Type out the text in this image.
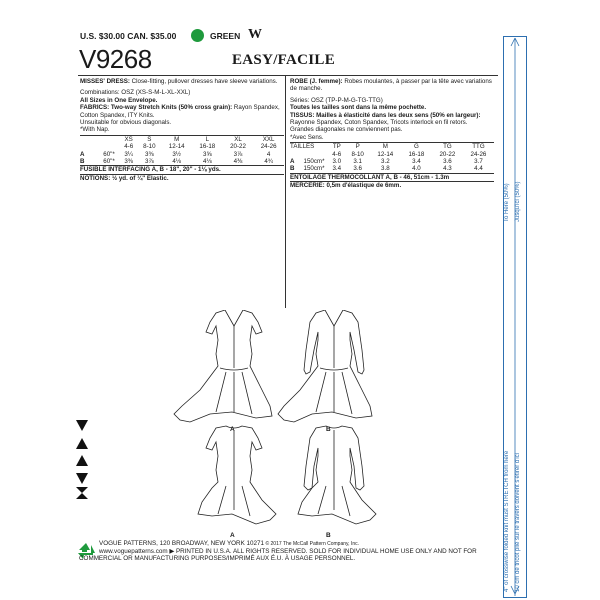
U.S. $30.00 CAN. $35.00	GREEN W
V9268	EASY/FACILE
MISSES' DRESS: Close-fitting, pullover dresses have sleeve variations.
Combinations: OSZ (XS-S-M-L-XL-XXL)
All Sizes in One Envelope.
FABRICS: Two-way Stretch Knits (50% cross grain): Rayon Spandex, Cotton Spandex, ITY Knits.
Unsuitable for obvious diagonals.
*With Nap.
		XS	S	M	L	XL	XXL
		4-6	8-10	12-14	16-18	20-22	24-26
A	60"*	3¼	3⅜	3½	3⅝	3⅞	4
B	60"*	3⅜	3⅞	4⅛	4⅛	4⅜	4¾
FUSIBLE INTERFACING A, B - 18", 20" - 1⅛ yds.
NOTIONS: ½ yd. of ¼" Elastic.
ROBE (J. femme): Robes moulantes, à passer par la tête avec variations de manche.
Séries: OSZ (TP-P-M-G-TG-TTG)
Toutes les tailles sont dans la même pochette.
TISSUS: Mailles à élasticité dans les deux sens (50% en largeur): Rayonne Spandex, Coton Spandex, Tricots interlock en fil retors.
Grandes diagonales ne conviennent pas.
*Avec Sens.
TAILLES		TP	P	M	G	TG	TTG
		4-6	8-10	12-14	16-18	20-22	24-26
A	150cm*	3.0	3.1	3.2	3.4	3.6	3.7
B	150cm*	3.4	3.6	3.8	4.0	4.3	4.4
ENTOILAGE THERMOCOLLANT A, B - 46, 51cm - 1.3m
MERCERIE: 0,5m d'élastique de 6mm.
A	B
A	B
To Here (50%) Jusqu'ici (50%)
4" of crosswise folded knit must STRETCH from here 10 cm de tricot plié sur le travers doivent s'étirer d'ici
VOGUE PATTERNS, 120 BROADWAY, NEW YORK 10271 © 2017 The McCall Pattern Company, Inc.
www.voguepatterns.com ▶ PRINTED IN U.S.A. ALL RIGHTS RESERVED. SOLD FOR INDIVIDUAL HOME USE ONLY AND NOT FOR
COMMERCIAL OR MANUFACTURING PURPOSES/IMPRIMÉ AUX É.U. À USAGE PERSONNEL.
